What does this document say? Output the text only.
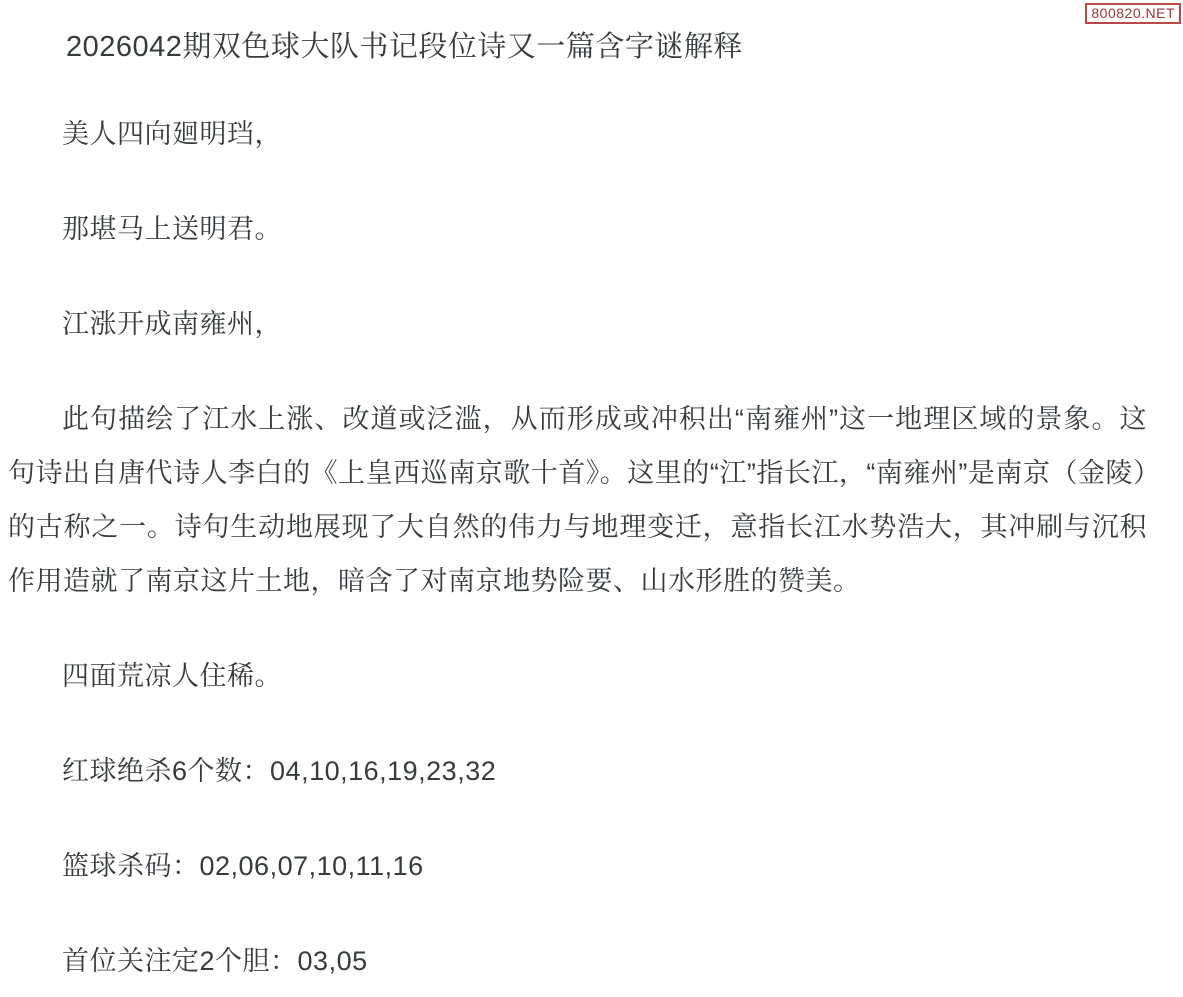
800820.NET

2026042期双色球大队书记段位诗又一篇含字谜解释

美人四向廻明珰，

那堪马上送明君。

江涨开成南雍州，

此句描绘了江水上涨、改道或泛滥，从而形成或冲积出“南雍州”这一地理区域的景象。这句诗出自唐代诗人李白的《上皇西巡南京歌十首》。这里的“江”指长江，“南雍州”是南京（金陵）的古称之一。诗句生动地展现了大自然的伟力与地理变迁，意指长江水势浩大，其冲刷与沉积作用造就了南京这片土地，暗含了对南京地势险要、山水形胜的赞美。

四面荒凉人住稀。

红球绝杀6个数：04,10,16,19,23,32

篮球杀码：02,06,07,10,11,16

首位关注定2个胆：03,05
